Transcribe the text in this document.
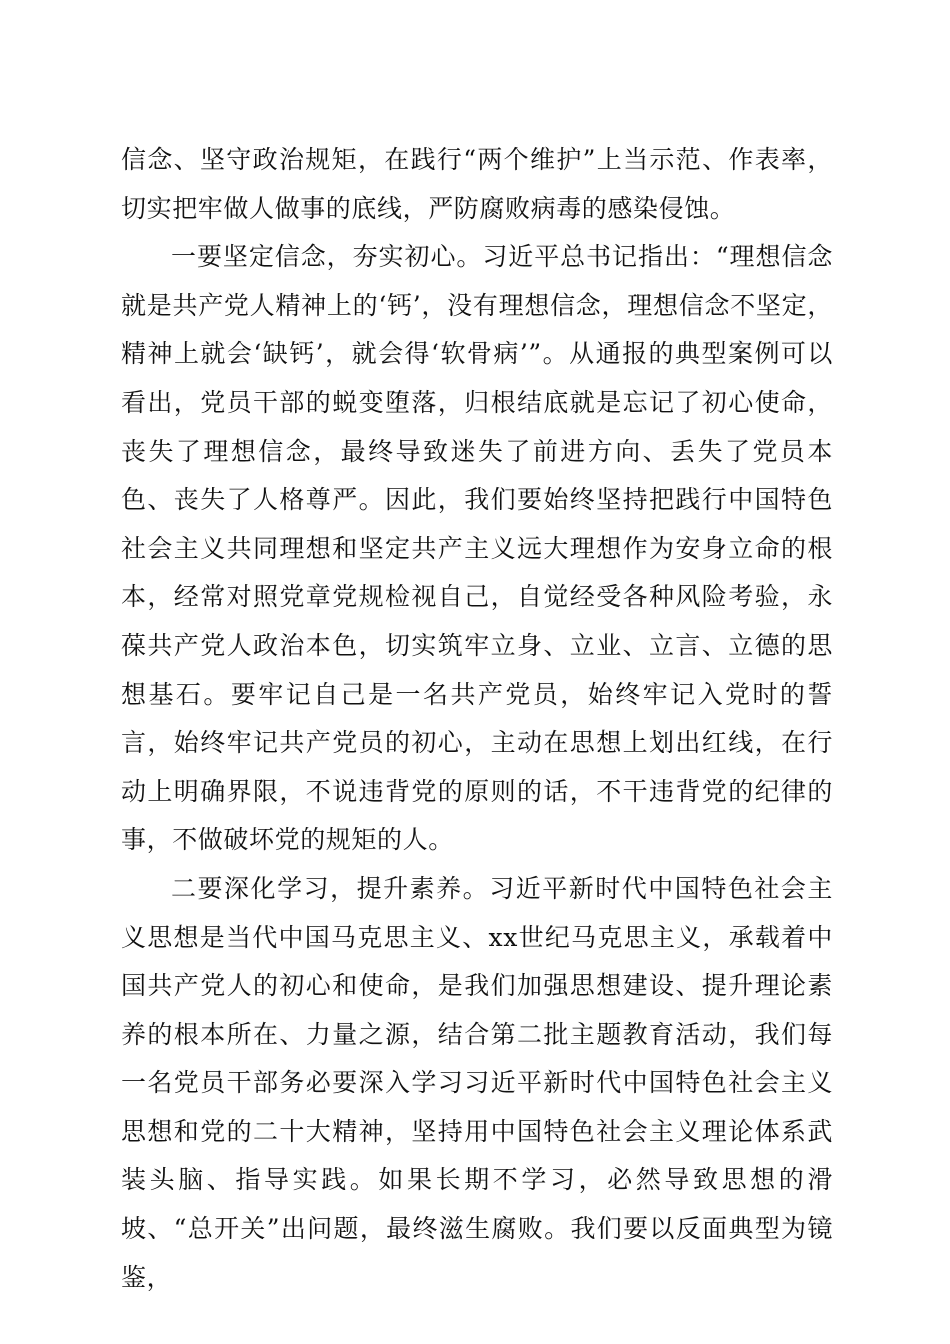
信念、坚守政治规矩，在践行“两个维护”上当示范、作表率，切实把牢做人做事的底线，严防腐败病毒的感染侵蚀。

一要坚定信念，夯实初心。习近平总书记指出：“理想信念就是共产党人精神上的‘钙’，没有理想信念，理想信念不坚定，精神上就会‘缺钙’，就会得‘软骨病’”。从通报的典型案例可以看出，党员干部的蜕变堕落，归根结底就是忘记了初心使命，丧失了理想信念，最终导致迷失了前进方向、丢失了党员本色、丧失了人格尊严。因此，我们要始终坚持把践行中国特色社会主义共同理想和坚定共产主义远大理想作为安身立命的根本，经常对照党章党规检视自己，自觉经受各种风险考验，永葆共产党人政治本色，切实筑牢立身、立业、立言、立德的思想基石。要牢记自己是一名共产党员，始终牢记入党时的誓言，始终牢记共产党员的初心，主动在思想上划出红线，在行动上明确界限，不说违背党的原则的话，不干违背党的纪律的事，不做破坏党的规矩的人。

二要深化学习，提升素养。习近平新时代中国特色社会主义思想是当代中国马克思主义、xx世纪马克思主义，承载着中国共产党人的初心和使命，是我们加强思想建设、提升理论素养的根本所在、力量之源，结合第二批主题教育活动，我们每一名党员干部务必要深入学习习近平新时代中国特色社会主义思想和党的二十大精神，坚持用中国特色社会主义理论体系武装头脑、指导实践。如果长期不学习，必然导致思想的滑坡、“总开关”出问题，最终滋生腐败。我们要以反面典型为镜鉴，
